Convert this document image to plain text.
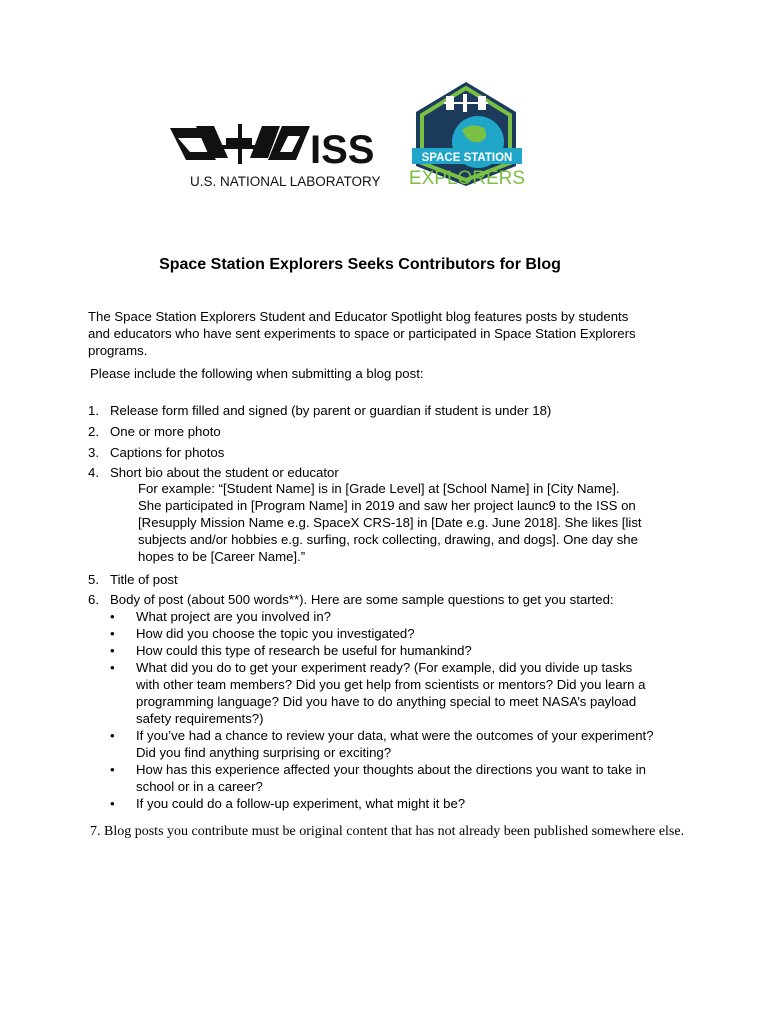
ISS
U.S. NATIONAL LABORATORY
SPACE STATION
EXPLORERS
Space Station Explorers Seeks Contributors for Blog

The Space Station Explorers Student and Educator Spotlight blog features posts by students

and educators who have sent experiments to space or participated in Space Station Explorers

programs.

Please include the following when submitting a blog post:
1. Release form filled and signed (by parent or guardian if student is under 18)
2. One or more photo
3. Captions for photos
4. Short bio about the student or educator
For example: “[Student Name] is in [Grade Level] at [School Name] in [City Name].
She participated in [Program Name] in 2019 and saw her project launc9 to the ISS on
[Resupply Mission Name e.g. SpaceX CRS-18] in [Date e.g. June 2018]. She likes [list
subjects and/or hobbies e.g. surfing, rock collecting, drawing, and dogs]. One day she
hopes to be [Career Name].”
5. Title of post
6. Body of post (about 500 words**). Here are some sample questions to get you started:
• What project are you involved in?
• How did you choose the topic you investigated?
• How could this type of research be useful for humankind?
• What did you do to get your experiment ready? (For example, did you divide up tasks
with other team members? Did you get help from scientists or mentors? Did you learn a
programming language? Did you have to do anything special to meet NASA’s payload
safety requirements?)
• If you’ve had a chance to review your data, what were the outcomes of your experiment?
Did you find anything surprising or exciting?
• How has this experience affected your thoughts about the directions you want to take in
school or in a career?
• If you could do a follow-up experiment, what might it be?
7. Blog posts you contribute must be original content that has not already been published somewhere else.
